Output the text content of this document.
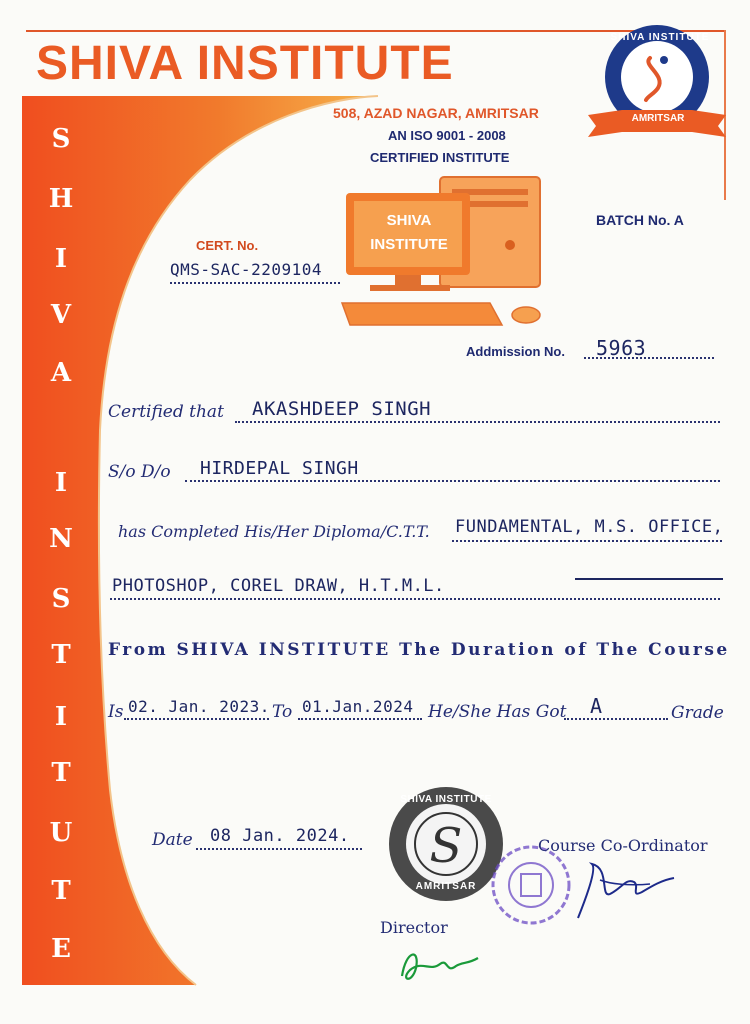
SHIVA INSTITUTE
508, AZAD NAGAR, AMRITSAR
AN ISO 9001 - 2008
CERTIFIED INSTITUTE
SHIVA INSTITUTE
AMRITSAR
S
H
I
V
A
I
N
S
T
I
T
U
T
E
SHIVA
INSTITUTE
CERT. No.
QMS-SAC-2209104
BATCH No. A
Addmission No. 5963
Certified that AKASHDEEP SINGH
S/o D/o HIRDEPAL SINGH
has Completed His/Her Diploma/C.T.T. FUNDAMENTAL, M.S. OFFICE,
PHOTOSHOP, COREL DRAW, H.T.M.L.
From SHIVA INSTITUTE The Duration of The Course
Is 02. Jan. 2023. To 01.Jan.2024 He/She Has Got A	Grade
Date 08 Jan. 2024. S
SHIVA INSTITUTE
AMRITSAR
Course Co-Ordinator
Director
